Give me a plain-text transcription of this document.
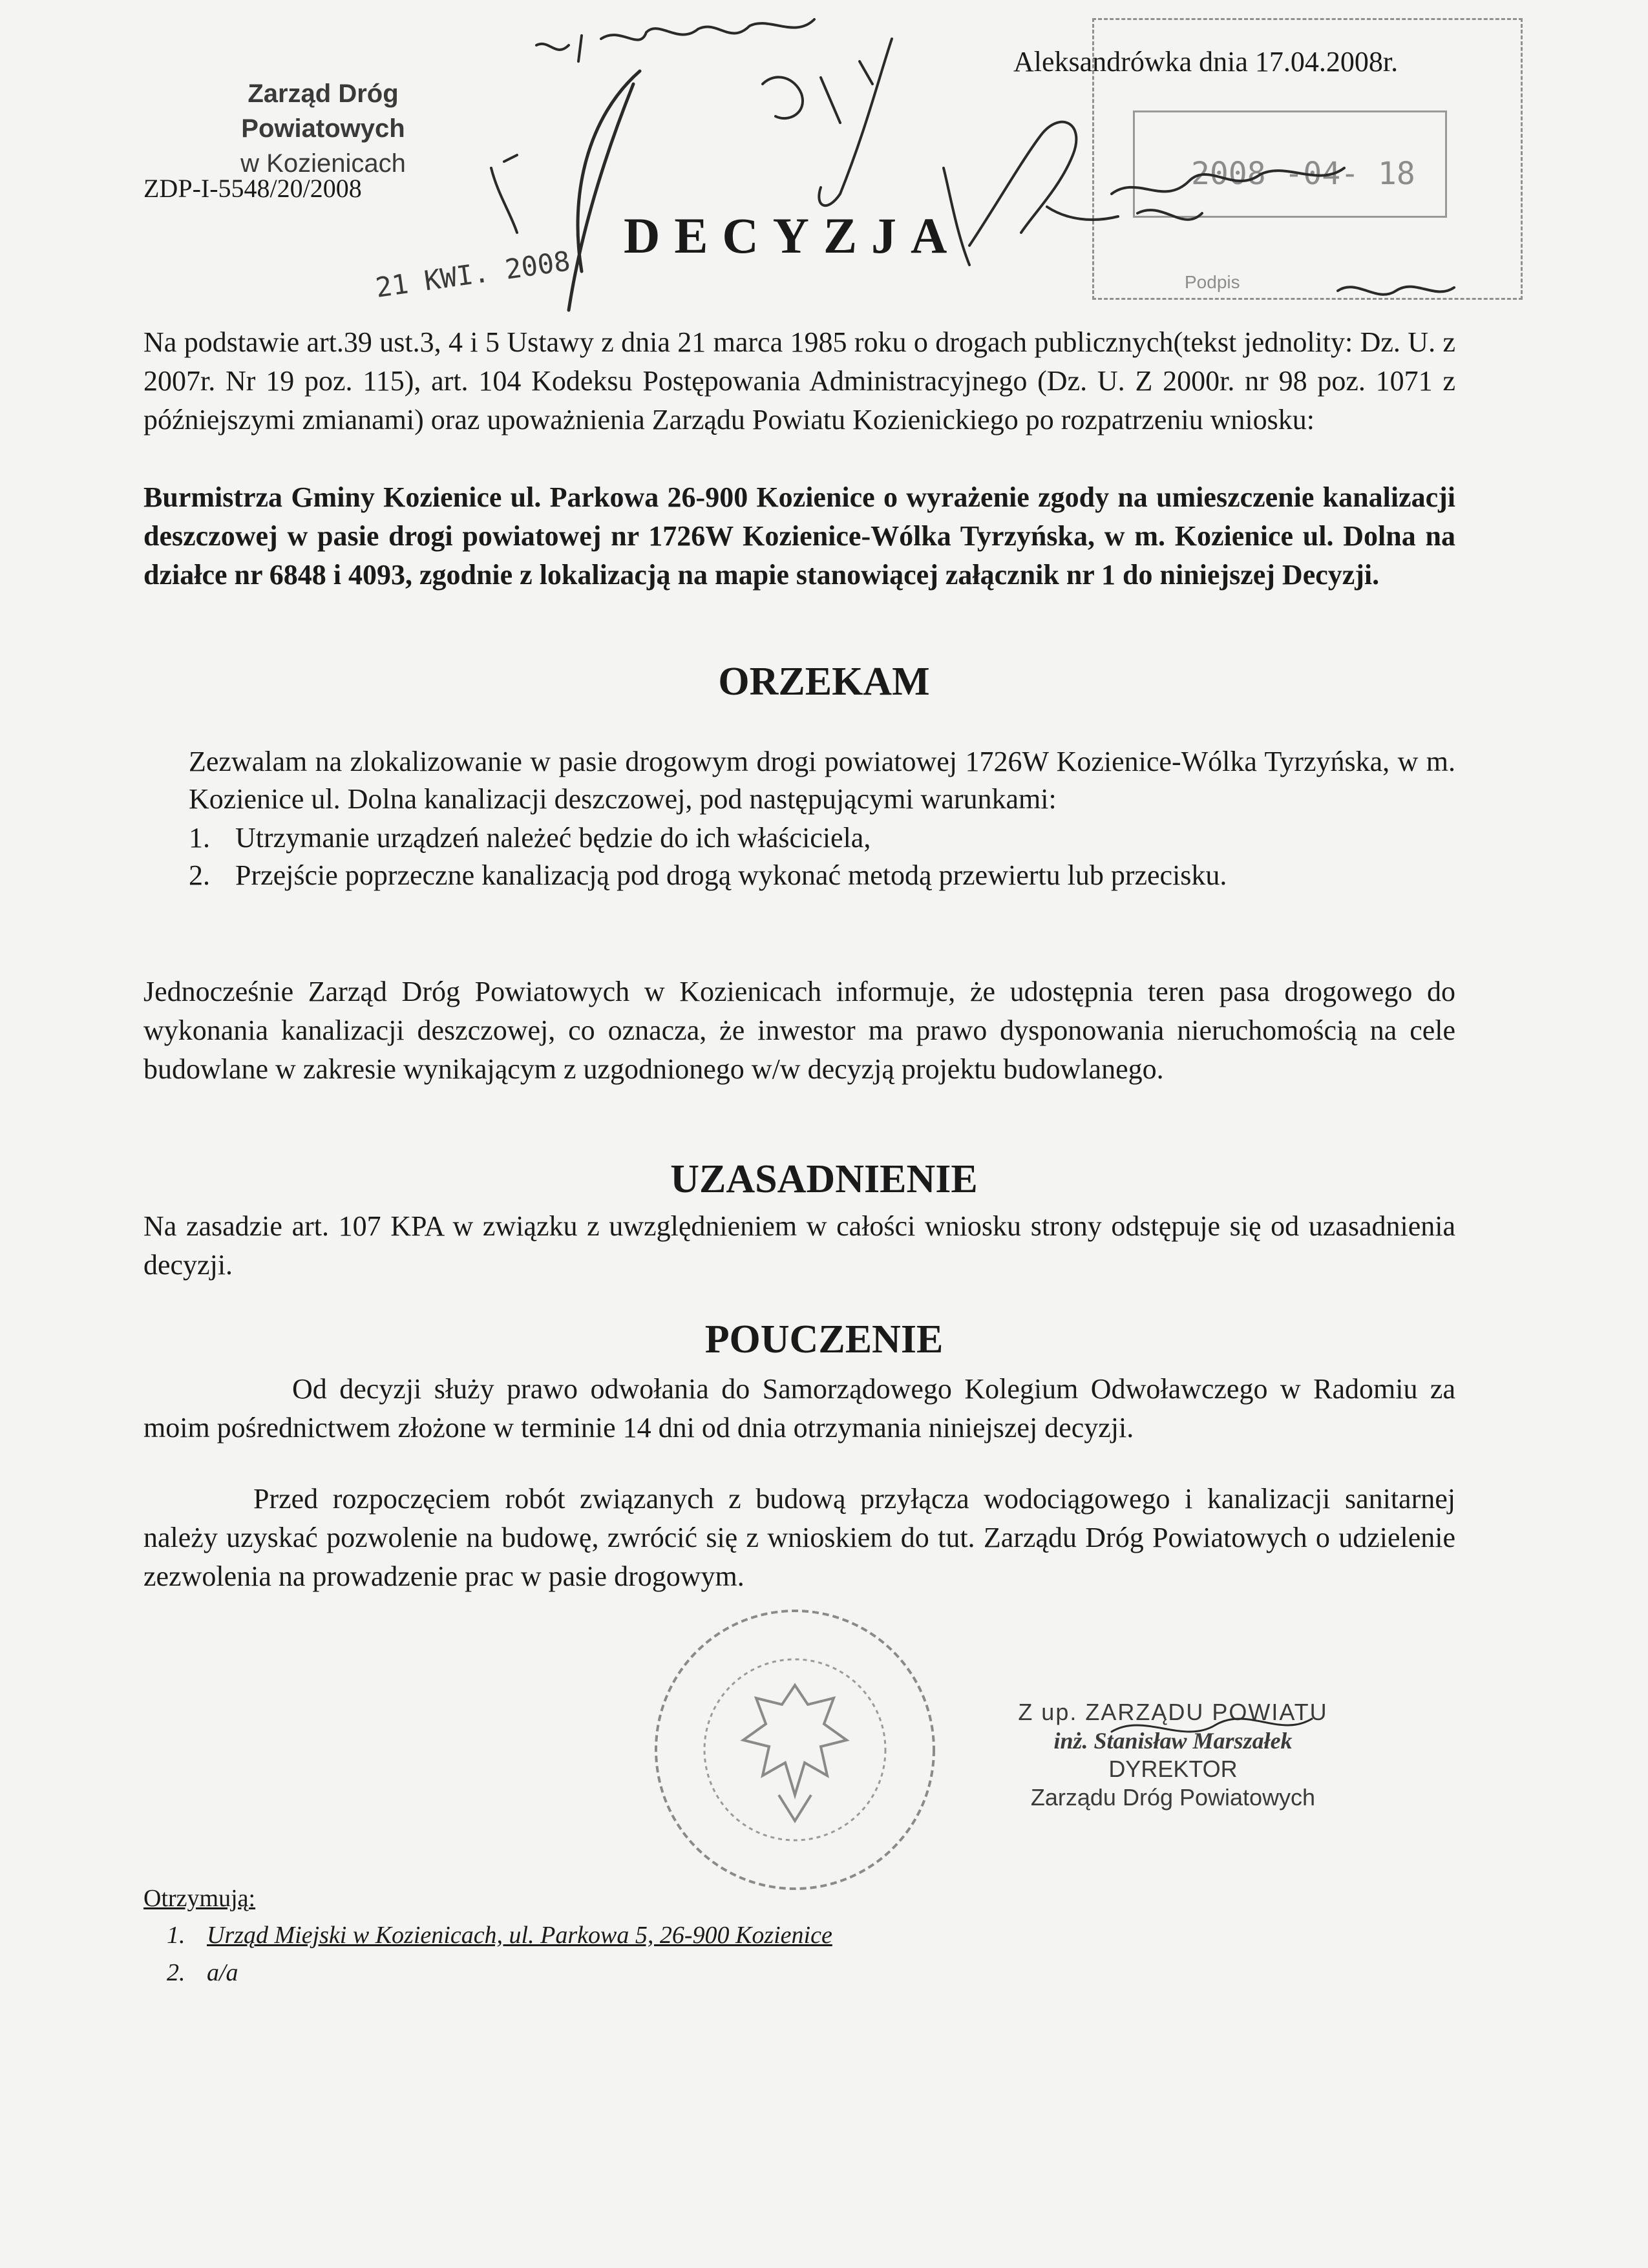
Zarząd Dróg Powiatowych
w Kozienicach
ZDP-I-5548/20/2008
Aleksandrówka dnia 17.04.2008r.
2008 -04- 18
Podpis
21 KWI. 2008
DECYZJA
Na podstawie art.39 ust.3, 4 i 5 Ustawy z dnia 21 marca 1985 roku o drogach publicznych(tekst jednolity: Dz. U. z 2007r. Nr 19 poz. 115), art. 104 Kodeksu Postępowania Administracyjnego (Dz. U. Z 2000r. nr 98 poz. 1071 z późniejszymi zmianami) oraz upoważnienia Zarządu Powiatu Kozienickiego po rozpatrzeniu wniosku:
Burmistrza Gminy Kozienice ul. Parkowa 26-900 Kozienice o wyrażenie zgody na umieszczenie kanalizacji deszczowej w pasie drogi powiatowej nr 1726W Kozienice-Wólka Tyrzyńska, w m. Kozienice ul. Dolna na działce nr 6848 i 4093, zgodnie z lokalizacją na mapie stanowiącej załącznik nr 1 do niniejszej Decyzji.
ORZEKAM
Zezwalam na zlokalizowanie w pasie drogowym drogi powiatowej 1726W Kozienice-Wólka Tyrzyńska, w m. Kozienice ul. Dolna kanalizacji deszczowej, pod następującymi warunkami:
1. Utrzymanie urządzeń należeć będzie do ich właściciela,
2. Przejście poprzeczne kanalizacją pod drogą wykonać metodą przewiertu lub przecisku.
Jednocześnie Zarząd Dróg Powiatowych w Kozienicach informuje, że udostępnia teren pasa drogowego do wykonania kanalizacji deszczowej, co oznacza, że inwestor ma prawo dysponowania nieruchomością na cele budowlane w zakresie wynikającym z uzgodnionego w/w decyzją projektu budowlanego.
UZASADNIENIE
Na zasadzie art. 107 KPA w związku z uwzględnieniem w całości wniosku strony odstępuje się od uzasadnienia decyzji.
POUCZENIE
Od decyzji służy prawo odwołania do Samorządowego Kolegium Odwoławczego w Radomiu za moim pośrednictwem złożone w terminie 14 dni od dnia otrzymania niniejszej decyzji.
Przed rozpoczęciem robót związanych z budową przyłącza wodociągowego i kanalizacji sanitarnej należy uzyskać pozwolenie na budowę, zwrócić się z wnioskiem do tut. Zarządu Dróg Powiatowych o udzielenie zezwolenia na prowadzenie prac w pasie drogowym.
Z up. ZARZĄDU POWIATU
inż. Stanisław Marszałek
DYREKTOR
Zarządu Dróg Powiatowych
Otrzymują:
1. Urząd Miejski w Kozienicach, ul. Parkowa 5, 26-900 Kozienice
2. a/a
